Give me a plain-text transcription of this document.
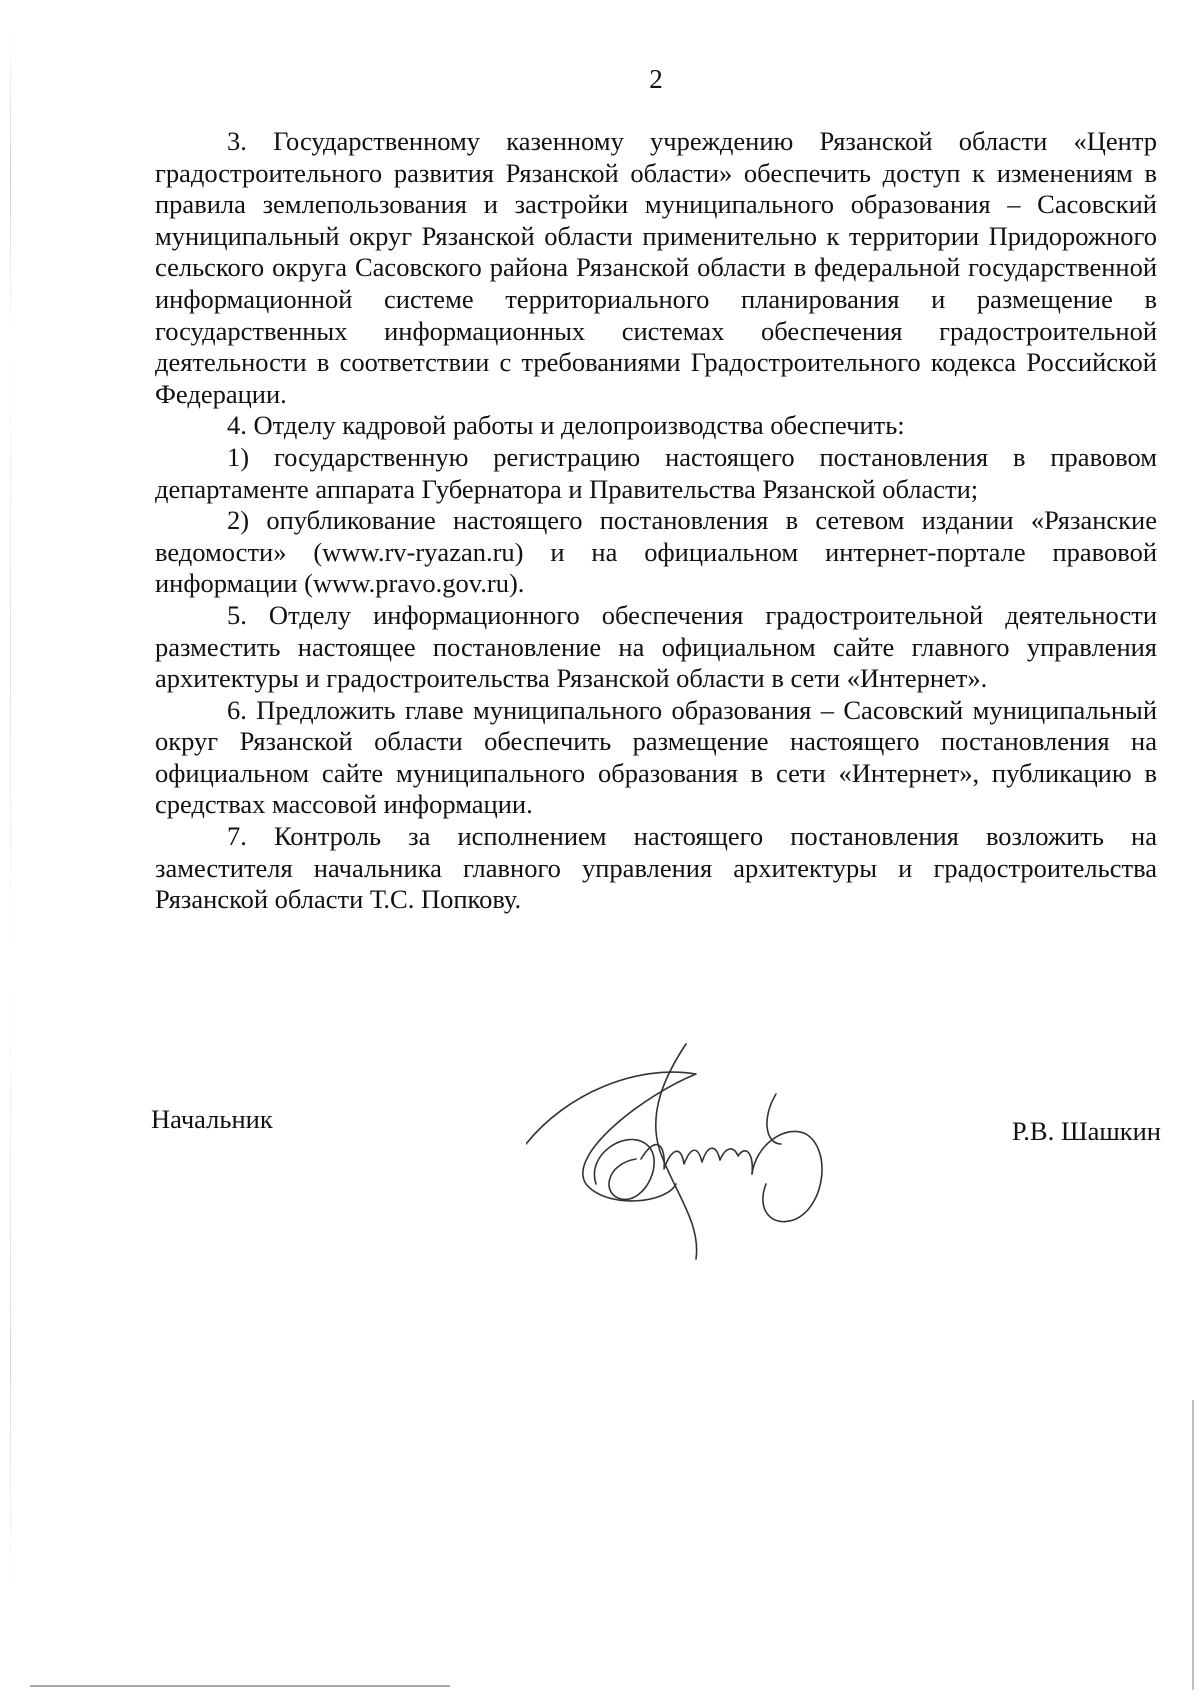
2

3. Государственному казенному учреждению Рязанской области «Центр градостроительного развития Рязанской области» обеспечить доступ к изменениям в правила землепользования и застройки муниципального образования – Сасовский муниципальный округ Рязанской области применительно к территории Придорожного сельского округа Сасовского района Рязанской области в федеральной государственной информационной системе территориального планирования и размещение в государственных информационных системах обеспечения градостроительной деятельности в соответствии с требованиями Градостроительного кодекса Российской Федерации.

4. Отделу кадровой работы и делопроизводства обеспечить:

1) государственную регистрацию настоящего постановления в правовом департаменте аппарата Губернатора и Правительства Рязанской области;

2) опубликование настоящего постановления в сетевом издании «Рязанские ведомости» (www.rv-ryazan.ru) и на официальном интернет-портале правовой информации (www.pravo.gov.ru).

5. Отделу информационного обеспечения градостроительной деятельности разместить настоящее постановление на официальном сайте главного управления архитектуры и градостроительства Рязанской области в сети «Интернет».

6. Предложить главе муниципального образования – Сасовский муниципальный округ Рязанской области обеспечить размещение настоящего постановления на официальном сайте муниципального образования в сети «Интернет», публикацию в средствах массовой информации.

7. Контроль за исполнением настоящего постановления возложить на заместителя начальника главного управления архитектуры и градостроительства Рязанской области Т.С. Попкову.

Начальник	Р.В. Шашкин
